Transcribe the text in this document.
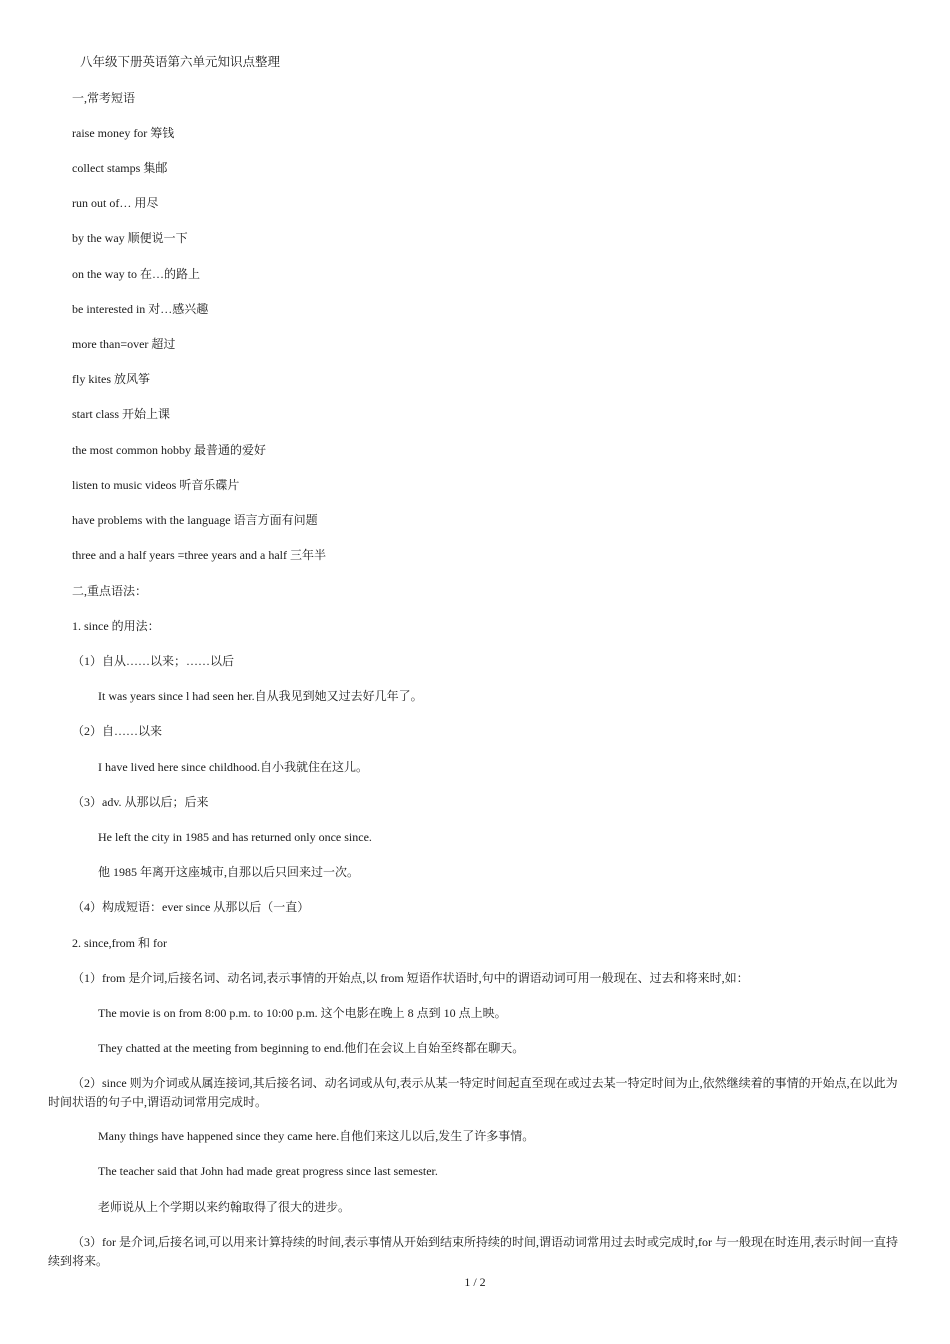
八年级下册英语第六单元知识点整理
一,常考短语
raise money for 筹钱
collect stamps 集邮
run out of… 用尽
by the way 顺便说一下
on the way to 在…的路上
be interested in 对…感兴趣
more than=over 超过
fly kites 放风筝
start class 开始上课
the most common hobby 最普通的爱好
listen to music videos 听音乐碟片
have problems with the language 语言方面有问题
three and a half years =three years and a half 三年半
二,重点语法：
1. since 的用法：
（1）自从……以来；……以后
It was years since l had seen her.自从我见到她又过去好几年了。
（2）自……以来
I have lived here since childhood.自小我就住在这儿。
（3）adv. 从那以后；后来
He left the city in 1985 and has returned only once since.
他 1985 年离开这座城市,自那以后只回来过一次。
（4）构成短语：ever since 从那以后（一直）
2. since,from 和 for
（1）from 是介词,后接名词、动名词,表示事情的开始点,以 from 短语作状语时,句中的谓语动词可用一般现在、过去和将来时,如：
The movie is on from 8:00 p.m. to 10:00 p.m. 这个电影在晚上 8 点到 10 点上映。
They chatted at the meeting from beginning to end.他们在会议上自始至终都在聊天。
（2）since 则为介词或从属连接词,其后接名词、动名词或从句,表示从某一特定时间起直至现在或过去某一特定时间为止,依然继续着的事情的开始点,在以此为时间状语的句子中,谓语动词常用完成时。
Many things have happened since they came here.自他们来这儿以后,发生了许多事情。
The teacher said that John had made great progress since last semester.
老师说从上个学期以来约翰取得了很大的进步。
（3）for 是介词,后接名词,可以用来计算持续的时间,表示事情从开始到结束所持续的时间,谓语动词常用过去时或完成时,for 与一般现在时连用,表示时间一直持续到将来。
1 / 2
